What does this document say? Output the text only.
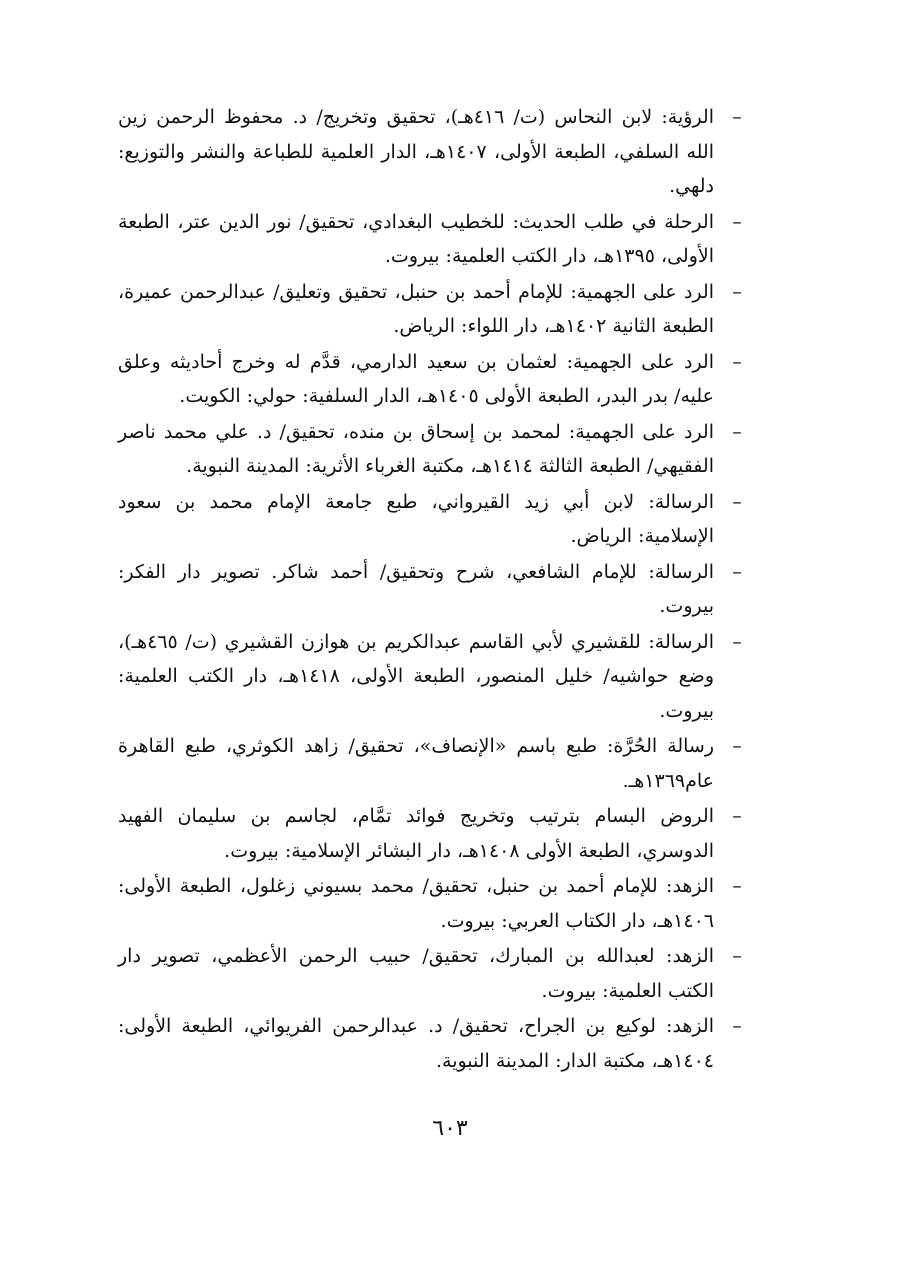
–
الرؤية: لابن النحاس (ت/ ٤١٦هـ)، تحقيق وتخريج/ د. محفوظ الرحمن زين الله السلفي، الطبعة الأولى، ١٤٠٧هـ، الدار العلمية للطباعة والنشر والتوزيع: دلهي.
–
الرحلة في طلب الحديث: للخطيب البغدادي، تحقيق/ نور الدين عتر، الطبعة الأولى، ١٣٩٥هـ، دار الكتب العلمية: بيروت.
–
الرد على الجهمية: للإمام أحمد بن حنبل، تحقيق وتعليق/ عبدالرحمن عميرة، الطبعة الثانية ١٤٠٢هـ، دار اللواء: الرياض.
–
الرد على الجهمية: لعثمان بن سعيد الدارمي، قدَّم له وخرج أحاديثه وعلق عليه/ بدر البدر، الطبعة الأولى ١٤٠٥هـ، الدار السلفية: حولي: الكويت.
–
الرد على الجهمية: لمحمد بن إسحاق بن منده، تحقيق/ د. علي محمد ناصر الفقيهي/ الطبعة الثالثة ١٤١٤هـ، مكتبة الغرباء الأثرية: المدينة النبوية.
–
الرسالة: لابن أبي زيد القيرواني، طبع جامعة الإمام محمد بن سعود الإسلامية: الرياض.
–
الرسالة: للإمام الشافعي، شرح وتحقيق/ أحمد شاكر. تصوير دار الفكر: بيروت.
–
الرسالة: للقشيري لأبي القاسم عبدالكريم بن هوازن القشيري (ت/ ٤٦٥هـ)، وضع حواشيه/ خليل المنصور، الطبعة الأولى، ١٤١٨هـ، دار الكتب العلمية: بيروت.
–
رسالة الحُرَّة: طبع باسم «الإنصاف»، تحقيق/ زاهد الكوثري، طبع القاهرة عام١٣٦٩هـ.
–
الروض البسام بترتيب وتخريج فوائد تمَّام، لجاسم بن سليمان الفهيد الدوسري، الطبعة الأولى ١٤٠٨هـ، دار البشائر الإسلامية: بيروت.
–
الزهد: للإمام أحمد بن حنبل، تحقيق/ محمد بسيوني زغلول، الطبعة الأولى: ١٤٠٦هـ، دار الكتاب العربي: بيروت.
–
الزهد: لعبدالله بن المبارك، تحقيق/ حبيب الرحمن الأعظمي، تصوير دار الكتب العلمية: بيروت.
–
الزهد: لوكيع بن الجراح، تحقيق/ د. عبدالرحمن الفريوائي، الطبعة الأولى: ١٤٠٤هـ، مكتبة الدار: المدينة النبوية.
٦٠٣
